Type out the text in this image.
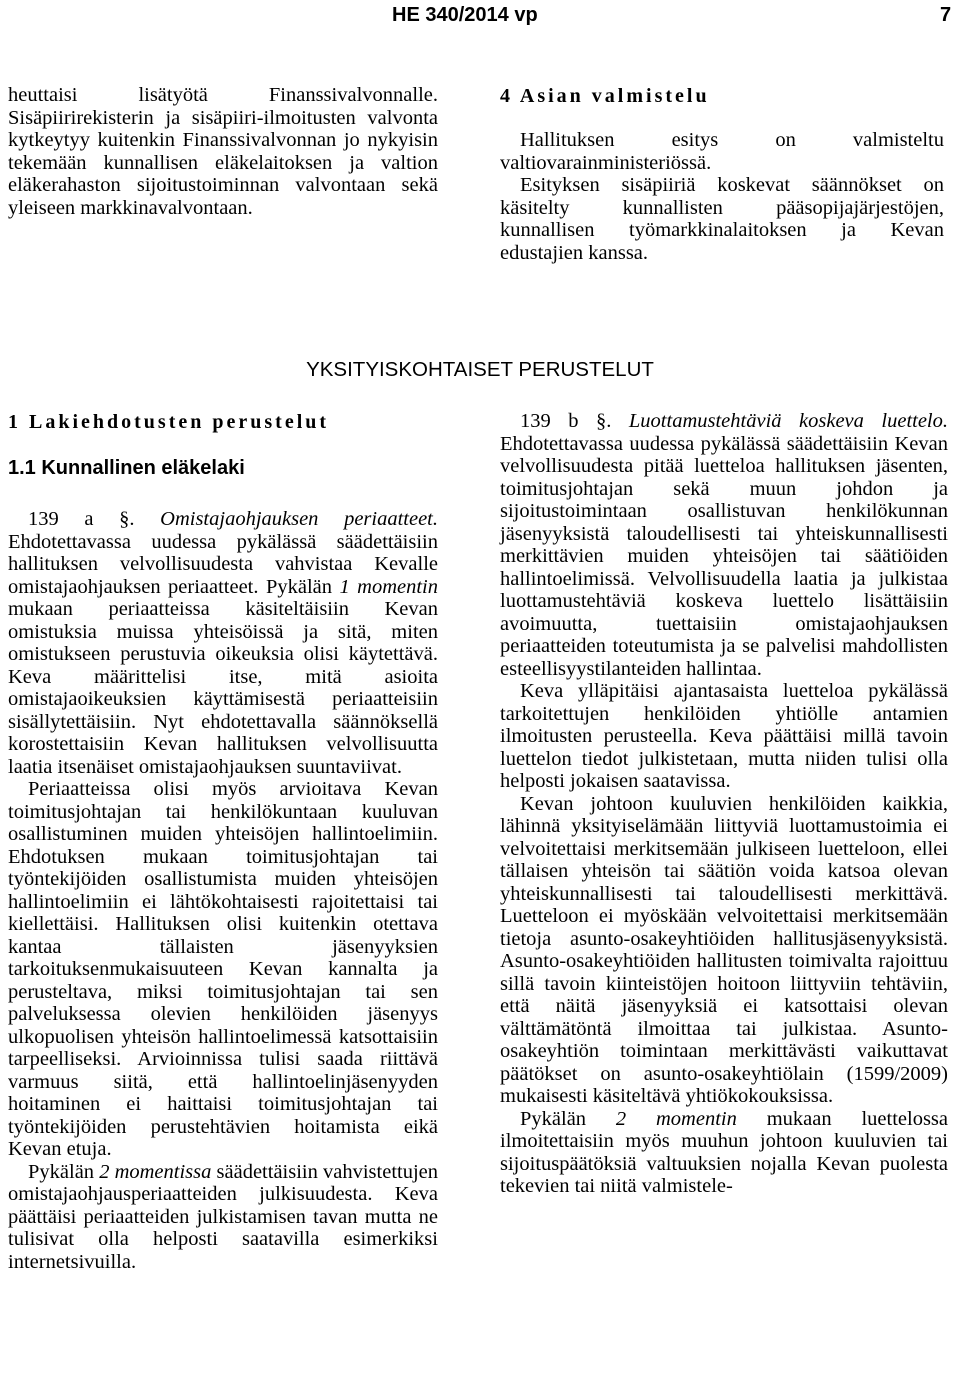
HE 340/2014 vp	7

heuttaisi lisätyötä Finanssivalvonnalle. Sisäpiirirekisterin ja sisäpiiri-ilmoitusten valvonta kytkeytyy kuitenkin Finanssivalvonnan jo nykyisin tekemään kunnallisen eläkelaitoksen ja valtion eläkerahaston sijoitustoiminnan valvontaan sekä yleiseen markkinavalvontaan.

4 Asian valmistelu

Hallituksen esitys on valmisteltu valtiovarainministeriössä.

Esityksen sisäpiiriä koskevat säännökset on käsitelty kunnallisten pääsopijajärjestöjen, kunnallisen työmarkkinalaitoksen ja Kevan edustajien kanssa.

YKSITYISKOHTAISET PERUSTELUT
1 Lakiehdotusten perustelut
1.1 Kunnallinen eläkelaki

139 a §. Omistajaohjauksen periaatteet. Ehdotettavassa uudessa pykälässä säädettäisiin hallituksen velvollisuudesta vahvistaa Kevalle omistajaohjauksen periaatteet. Pykälän 1 momentin mukaan periaatteissa käsiteltäisiin Kevan omistuksia muissa yhteisöissä ja sitä, miten omistukseen perustuvia oikeuksia olisi käytettävä. Keva määrittelisi itse, mitä asioita omistajaoikeuksien käyttämisestä periaatteisiin sisällytettäisiin. Nyt ehdotettavalla säännöksellä korostettaisiin Kevan hallituksen velvollisuutta laatia itsenäiset omistajaohjauksen suuntaviivat.

Periaatteissa olisi myös arvioitava Kevan toimitusjohtajan tai henkilökuntaan kuuluvan osallistuminen muiden yhteisöjen hallintoelimiin. Ehdotuksen mukaan toimitusjohtajan tai työntekijöiden osallistumista muiden yhteisöjen hallintoelimiin ei lähtökohtaisesti rajoitettaisi tai kiellettäisi. Hallituksen olisi kuitenkin otettava kantaa tällaisten jäsenyyksien tarkoituksenmukaisuuteen Kevan kannalta ja perusteltava, miksi toimitusjohtajan tai sen palveluksessa olevien henkilöiden jäsenyys ulkopuolisen yhteisön hallintoelimessä katsottaisiin tarpeelliseksi. Arvioinnissa tulisi saada riittävä varmuus siitä, että hallintoelinjäsenyyden hoitaminen ei haittaisi toimitusjohtajan tai työntekijöiden perustehtävien hoitamista eikä Kevan etuja.

Pykälän 2 momentissa säädettäisiin vahvistettujen omistajaohjausperiaatteiden julkisuudesta. Keva päättäisi periaatteiden julkistamisen tavan mutta ne tulisivat olla helposti saatavilla esimerkiksi internetsivuilla.

139 b §. Luottamustehtäviä koskeva luettelo. Ehdotettavassa uudessa pykälässä säädettäisiin Kevan velvollisuudesta pitää luetteloa hallituksen jäsenten, toimitusjohtajan sekä muun johdon ja sijoitustoimintaan osallistuvan henkilökunnan jäsenyyksistä taloudellisesti tai yhteiskunnallisesti merkittävien muiden yhteisöjen tai säätiöiden hallintoelimissä. Velvollisuudella laatia ja julkistaa luottamustehtäviä koskeva luettelo lisättäisiin avoimuutta, tuettaisiin omistajaohjauksen periaatteiden toteutumista ja se palvelisi mahdollisten esteellisyystilanteiden hallintaa.

Keva ylläpitäisi ajantasaista luetteloa pykälässä tarkoitettujen henkilöiden yhtiölle antamien ilmoitusten perusteella. Keva päättäisi millä tavoin luettelon tiedot julkistetaan, mutta niiden tulisi olla helposti jokaisen saatavissa.

Kevan johtoon kuuluvien henkilöiden kaikkia, lähinnä yksityiselämään liittyviä luottamustoimia ei velvoitettaisi merkitsemään julkiseen luetteloon, ellei tällaisen yhteisön tai säätiön voida katsoa olevan yhteiskunnallisesti tai taloudellisesti merkittävä. Luetteloon ei myöskään velvoitettaisi merkitsemään tietoja asunto-osakeyhtiöiden hallitusjäsenyyksistä. Asunto-osakeyhtiöiden hallitusten toimivalta rajoittuu sillä tavoin kiinteistöjen hoitoon liittyviin tehtäviin, että näitä jäsenyyksiä ei katsottaisi olevan välttämätöntä ilmoittaa tai julkistaa. Asunto-osakeyhtiön toimintaan merkittävästi vaikuttavat päätökset on asunto-osakeyhtiölain (1599/2009) mukaisesti käsiteltävä yhtiökokouksissa.

Pykälän 2 momentin mukaan luettelossa ilmoitettaisiin myös muuhun johtoon kuuluvien tai sijoituspäätöksiä valtuuksien nojalla Kevan puolesta tekevien tai niitä valmistele-
